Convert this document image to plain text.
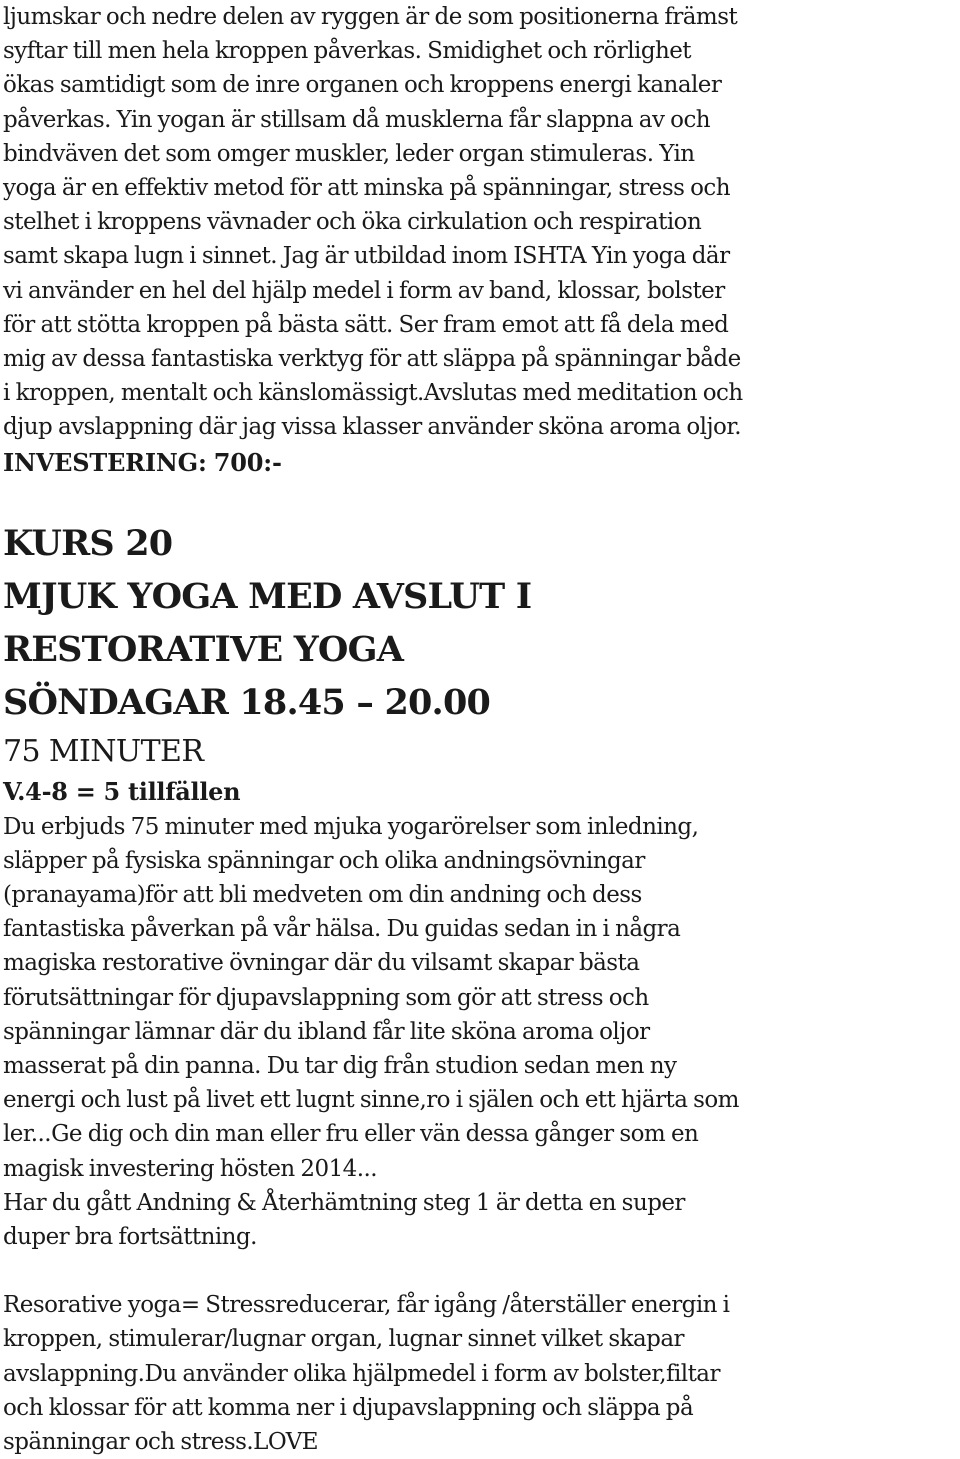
ljumskar och nedre delen av ryggen är de som positionerna främst
syftar till men hela kroppen påverkas. Smidighet och rörlighet
ökas samtidigt som de inre organen och kroppens energi kanaler
påverkas. Yin yogan är stillsam då musklerna får slappna av och
bindväven det som omger muskler, leder organ stimuleras. Yin
yoga är en effektiv metod för att minska på spänningar, stress och
stelhet i kroppens vävnader och öka cirkulation och respiration
samt skapa lugn i sinnet. Jag är utbildad inom ISHTA Yin yoga där
vi använder en hel del hjälp medel i form av band, klossar, bolster
för att stötta kroppen på bästa sätt. Ser fram emot att få dela med
mig av dessa fantastiska verktyg för att släppa på spänningar både
i kroppen, mentalt och känslomässigt.Avslutas med meditation och
djup avslappning där jag vissa klasser använder sköna aroma oljor.
INVESTERING: 700:-
KURS 20
MJUK YOGA MED AVSLUT I
RESTORATIVE YOGA
SÖNDAGAR 18.45 – 20.00
75 MINUTER
V.4-8 = 5 tillfällen
Du erbjuds 75 minuter med mjuka yogarörelser som inledning,
släpper på fysiska spänningar och olika andningsövningar
(pranayama)för att bli medveten om din andning och dess
fantastiska påverkan på vår hälsa. Du guidas sedan in i några
magiska restorative övningar där du vilsamt skapar bästa
förutsättningar för djupavslappning som gör att stress och
spänningar lämnar där du ibland får lite sköna aroma oljor
masserat på din panna. Du tar dig från studion sedan men ny
energi och lust på livet ett lugnt sinne,ro i själen och ett hjärta som
ler...Ge dig och din man eller fru eller vän dessa gånger som en
magisk investering hösten 2014...
Har du gått Andning & Återhämtning steg 1 är detta en super
duper bra fortsättning.
Resorative yoga= Stressreducerar, får igång /återställer energin i
kroppen, stimulerar/lugnar organ, lugnar sinnet vilket skapar
avslappning.Du använder olika hjälpmedel i form av bolster,filtar
och klossar för att komma ner i djupavslappning och släppa på
spänningar och stress.LOVE
